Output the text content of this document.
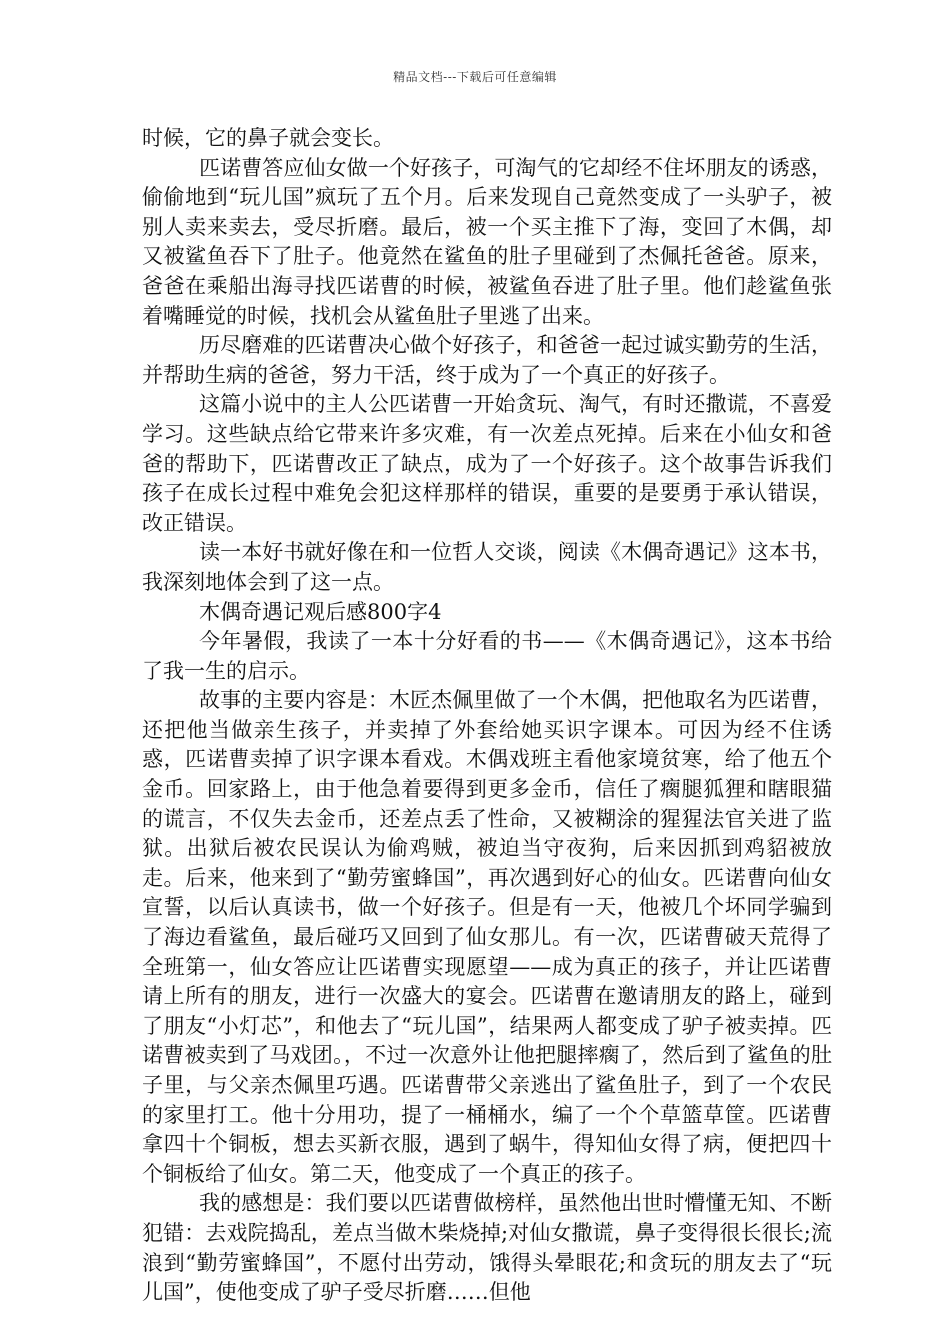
精品文档---下载后可任意编辑

时候，它的鼻子就会变长。

匹诺曹答应仙女做一个好孩子，可淘气的它却经不住坏朋友的诱惑，偷偷地到“玩儿国”疯玩了五个月。后来发现自己竟然变成了一头驴子，被别人卖来卖去，受尽折磨。最后，被一个买主推下了海，变回了木偶，却又被鲨鱼吞下了肚子。他竟然在鲨鱼的肚子里碰到了杰佩托爸爸。原来，爸爸在乘船出海寻找匹诺曹的时候，被鲨鱼吞进了肚子里。他们趁鲨鱼张着嘴睡觉的时候，找机会从鲨鱼肚子里逃了出来。

历尽磨难的匹诺曹决心做个好孩子，和爸爸一起过诚实勤劳的生活，并帮助生病的爸爸，努力干活，终于成为了一个真正的好孩子。

这篇小说中的主人公匹诺曹一开始贪玩、淘气，有时还撒谎，不喜爱学习。这些缺点给它带来许多灾难，有一次差点死掉。后来在小仙女和爸爸的帮助下，匹诺曹改正了缺点，成为了一个好孩子。这个故事告诉我们孩子在成长过程中难免会犯这样那样的错误，重要的是要勇于承认错误，改正错误。

读一本好书就好像在和一位哲人交谈，阅读《木偶奇遇记》这本书，我深刻地体会到了这一点。

木偶奇遇记观后感800字4

今年暑假，我读了一本十分好看的书——《木偶奇遇记》，这本书给了我一生的启示。

故事的主要内容是：木匠杰佩里做了一个木偶，把他取名为匹诺曹，还把他当做亲生孩子，并卖掉了外套给她买识字课本。可因为经不住诱惑，匹诺曹卖掉了识字课本看戏。木偶戏班主看他家境贫寒，给了他五个金币。回家路上，由于他急着要得到更多金币，信任了瘸腿狐狸和瞎眼猫的谎言，不仅失去金币，还差点丢了性命，又被糊涂的猩猩法官关进了监狱。出狱后被农民误认为偷鸡贼，被迫当守夜狗，后来因抓到鸡貂被放走。后来，他来到了“勤劳蜜蜂国”，再次遇到好心的仙女。匹诺曹向仙女宣誓，以后认真读书，做一个好孩子。但是有一天，他被几个坏同学骗到了海边看鲨鱼，最后碰巧又回到了仙女那儿。有一次，匹诺曹破天荒得了全班第一，仙女答应让匹诺曹实现愿望——成为真正的孩子，并让匹诺曹请上所有的朋友，进行一次盛大的宴会。匹诺曹在邀请朋友的路上，碰到了朋友“小灯芯”，和他去了“玩儿国”，结果两人都变成了驴子被卖掉。匹诺曹被卖到了马戏团。，不过一次意外让他把腿摔瘸了，然后到了鲨鱼的肚子里，与父亲杰佩里巧遇。匹诺曹带父亲逃出了鲨鱼肚子，到了一个农民的家里打工。他十分用功，提了一桶桶水，编了一个个草篮草筐。匹诺曹拿四十个铜板，想去买新衣服，遇到了蜗牛，得知仙女得了病，便把四十个铜板给了仙女。第二天，他变成了一个真正的孩子。

我的感想是：我们要以匹诺曹做榜样，虽然他出世时懵懂无知、不断犯错：去戏院捣乱，差点当做木柴烧掉;对仙女撒谎，鼻子变得很长很长;流浪到“勤劳蜜蜂国”，不愿付出劳动，饿得头晕眼花;和贪玩的朋友去了“玩儿国”，使他变成了驴子受尽折磨……但他
